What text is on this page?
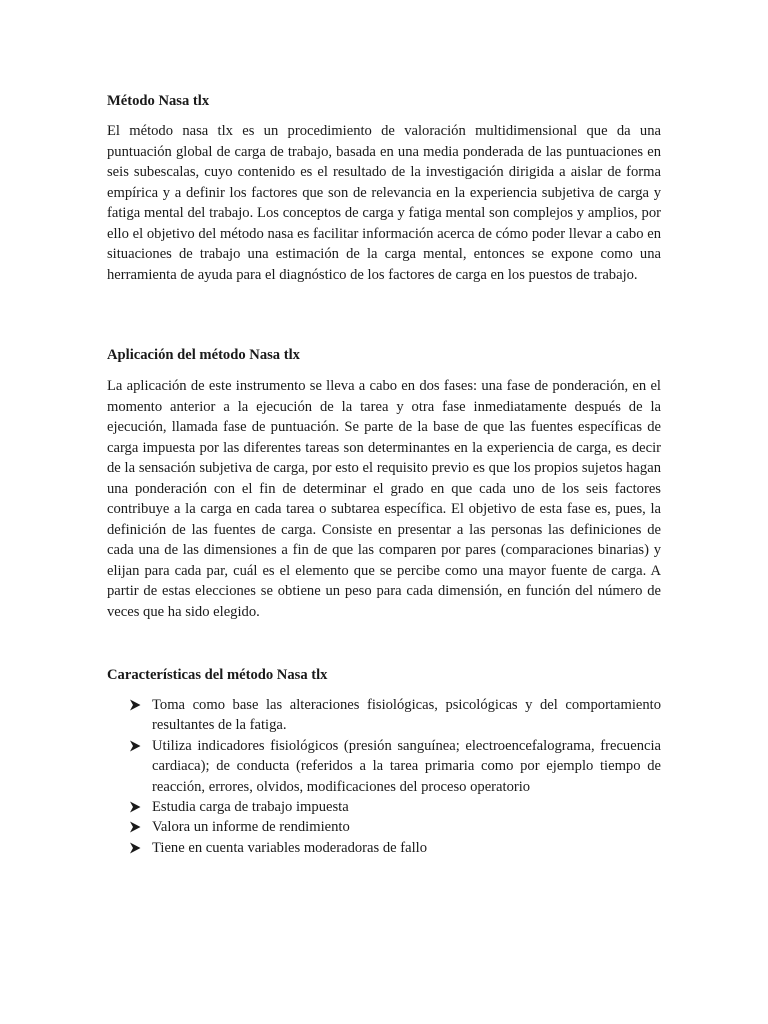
Método Nasa tlx

El método nasa tlx es un procedimiento de valoración multidimensional que da una puntuación global de carga de trabajo, basada en una media ponderada de las puntuaciones en seis subescalas, cuyo contenido es el resultado de la investigación dirigida a aislar de forma empírica y a definir los factores que son de relevancia en la experiencia subjetiva de carga y fatiga mental del trabajo. Los conceptos de carga y fatiga mental son complejos y amplios, por ello el objetivo del método nasa es facilitar información acerca de cómo poder llevar a cabo en situaciones de trabajo una estimación de la carga mental, entonces se expone como una herramienta de ayuda para el diagnóstico de los factores de carga en los puestos de trabajo.

Aplicación del método Nasa tlx

La aplicación de este instrumento se lleva a cabo en dos fases: una fase de ponderación, en el momento anterior a la ejecución de la tarea y otra fase inmediatamente después de la ejecución, llamada fase de puntuación. Se parte de la base de que las fuentes específicas de carga impuesta por las diferentes tareas son determinantes en la experiencia de carga, es decir de la sensación subjetiva de carga, por esto el requisito previo es que los propios sujetos hagan una ponderación con el fin de determinar el grado en que cada uno de los seis factores contribuye a la carga en cada tarea o subtarea específica. El objetivo de esta fase es, pues, la definición de las fuentes de carga. Consiste en presentar a las personas las definiciones de cada una de las dimensiones a fin de que las comparen por pares (comparaciones binarias) y elijan para cada par, cuál es el elemento que se percibe como una mayor fuente de carga. A partir de estas elecciones se obtiene un peso para cada dimensión, en función del número de veces que ha sido elegido.

Características del método Nasa tlx
Toma como base las alteraciones fisiológicas, psicológicas y del comportamiento resultantes de la fatiga.
Utiliza indicadores fisiológicos (presión sanguínea; electroencefalograma, frecuencia cardiaca); de conducta (referidos a la tarea primaria como por ejemplo tiempo de reacción, errores, olvidos, modificaciones del proceso operatorio
Estudia carga de trabajo impuesta
Valora un informe de rendimiento
Tiene en cuenta variables moderadoras de fallo
